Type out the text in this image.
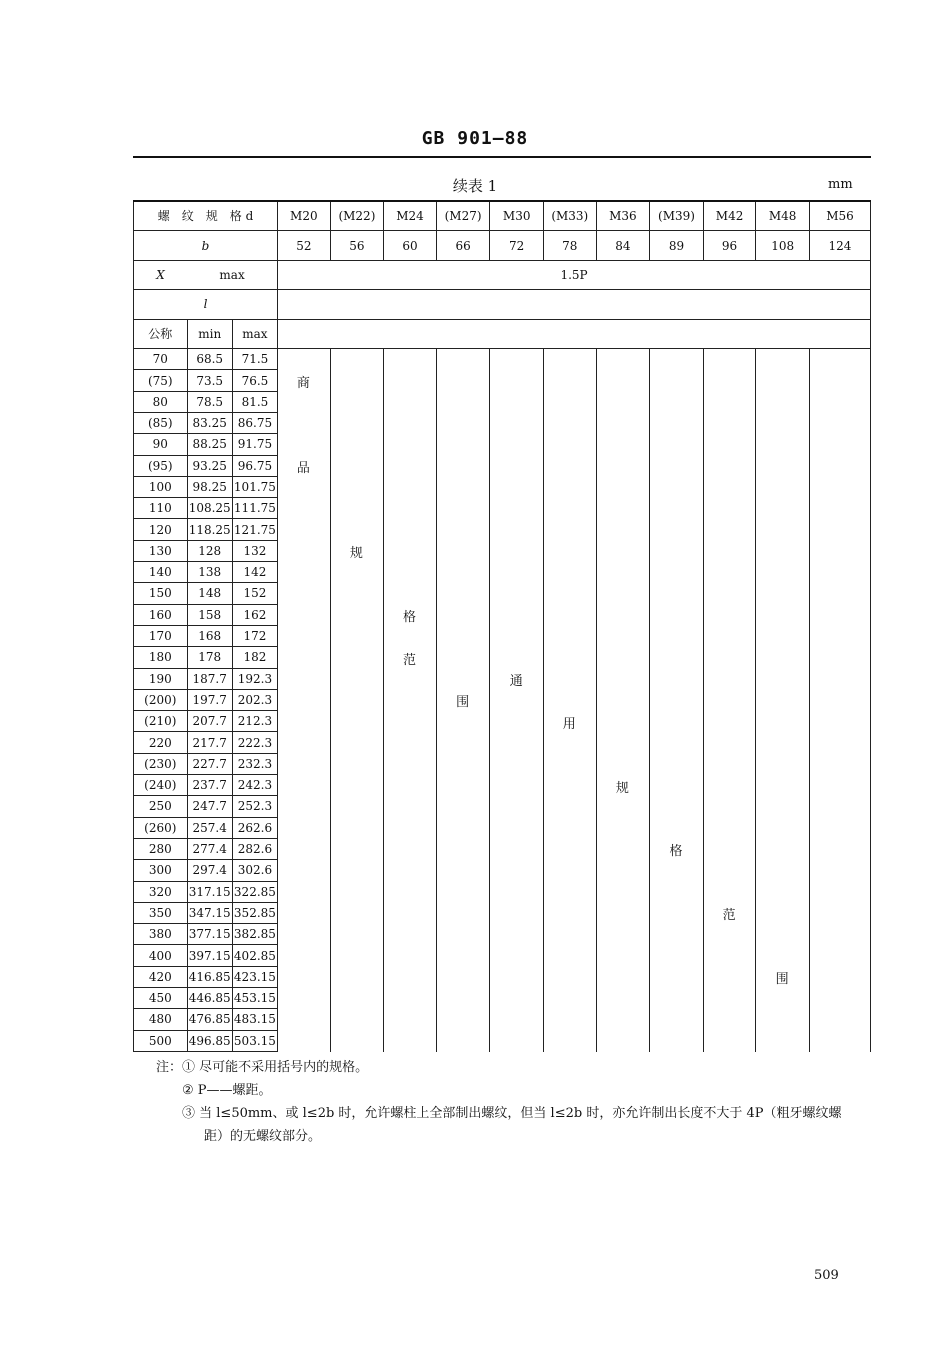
GB 901—88
续表 1	mm
螺　纹　规　格 d			M20	(M22)	M24	(M27)	M30	(M33)	M36	(M39)	M42	M48	M56
b			52	56	60	66	72	78	84	89	96	108	124
X	max		1.5P										
l													
公称	min	max											
70	68.5	71.5											
(75)	73.5	76.5											
80	78.5	81.5											
(85)	83.25	86.75											
90	88.25	91.75											
(95)	93.25	96.75											
100	98.25	101.75											
110	108.25	111.75											
120	118.25	121.75											
130	128	132											
140	138	142											
150	148	152											
160	158	162											
170	168	172											
180	178	182											
190	187.7	192.3											
(200)	197.7	202.3											
(210)	207.7	212.3											
220	217.7	222.3											
(230)	227.7	232.3											
(240)	237.7	242.3											
250	247.7	252.3											
(260)	257.4	262.6											
280	277.4	282.6											
300	297.4	302.6											
320	317.15	322.85											
350	347.15	352.85											
380	377.15	382.85											
400	397.15	402.85											
420	416.85	423.15											
450	446.85	453.15											
480	476.85	483.15											
500	496.85	503.15											
商
品
规
格
范
围
通
用
规
格
范
围
注：① 尽可能不采用括号内的规格。
② P——螺距。
③ 当 l≤50mm、或 l≤2b 时，允许螺柱上全部制出螺纹，但当 l≤2b 时，亦允许制出长度不大于 4P（粗牙螺纹螺
距）的无螺纹部分。
509
